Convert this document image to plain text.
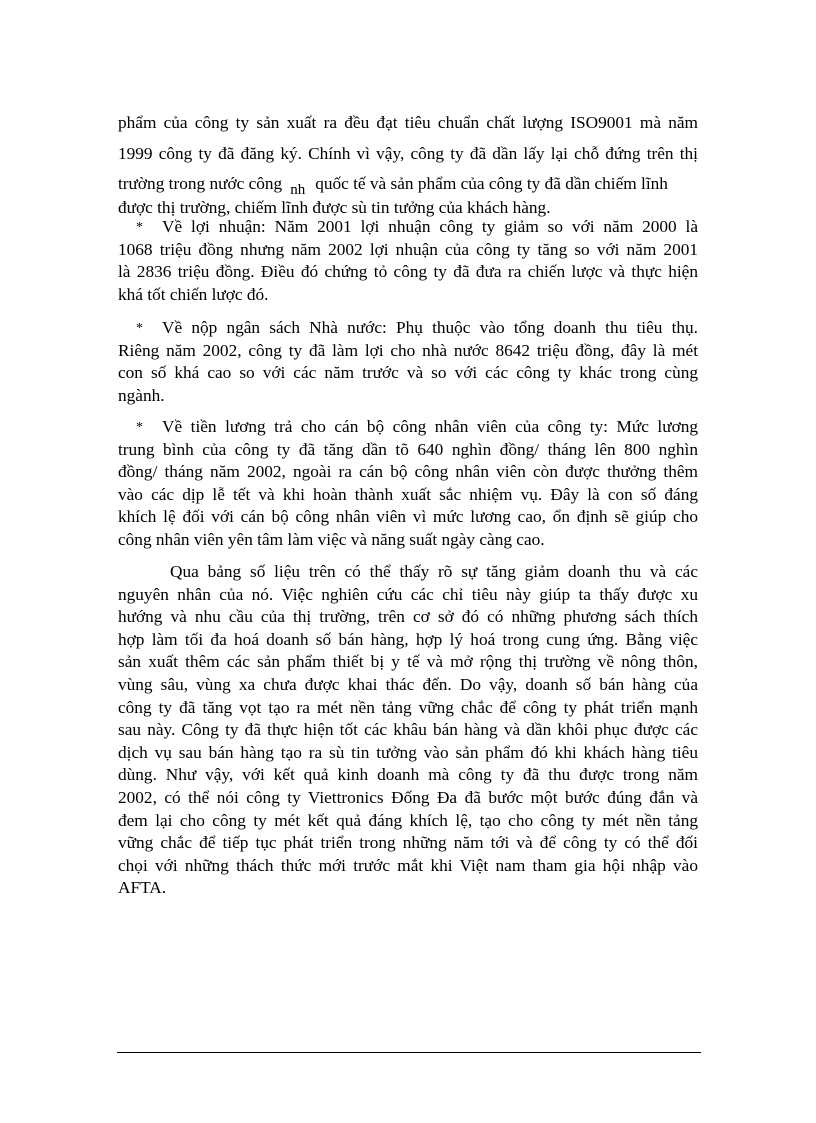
phẩm của công ty sản xuất ra đều đạt tiêu chuẩn chất lượng ISO9001 mà năm
1999 công ty đã đăng ký. Chính vì vậy, công ty đã dần lấy lại chỗ đứng trên thị
trường trong nước công nh quốc tế và sản phẩm của công ty đã dần chiếm lĩnh
được thị trường, chiếm lĩnh được sù tin tưởng của khách hàng.
* Về lợi nhuận: Năm 2001 lợi nhuận công ty giảm so với năm 2000 là
1068 triệu đồng nhưng năm 2002 lợi nhuận của công ty tăng so với năm 2001
là 2836 triệu đồng. Điều đó chứng tỏ công ty đã đưa ra chiến lược và thực hiện
khá tốt chiến lược đó.
* Về nộp ngân sách Nhà nước: Phụ thuộc vào tổng doanh thu tiêu thụ.
Riêng năm 2002, công ty đã làm lợi cho nhà nước 8642 triệu đồng, đây là mét
con số khá cao so với các năm trước và so với các công ty khác trong cùng
ngành.
* Về tiền lương trả cho cán bộ công nhân viên của công ty: Mức lương
trung bình của công ty đã tăng dần tõ 640 nghìn đồng/ tháng lên 800 nghìn
đồng/ tháng năm 2002, ngoài ra cán bộ công nhân viên còn được thưởng thêm
vào các dịp lễ tết và khi hoàn thành xuất sắc nhiệm vụ. Đây là con số đáng
khích lệ đối với cán bộ công nhân viên vì mức lương cao, ổn định sẽ giúp cho
công nhân viên yên tâm làm việc và năng suất ngày càng cao.
Qua bảng số liệu trên có thể thấy rõ sự tăng giảm doanh thu và các
nguyên nhân của nó. Việc nghiên cứu các chỉ tiêu này giúp ta thấy được xu
hướng và nhu cầu của thị trường, trên cơ sở đó có những phương sách thích
hợp làm tối đa hoá doanh số bán hàng, hợp lý hoá trong cung ứng. Bằng việc
sản xuất thêm các sản phẩm thiết bị y tế và mở rộng thị trường về nông thôn,
vùng sâu, vùng xa chưa được khai thác đến. Do vậy, doanh số bán hàng của
công ty đã tăng vọt tạo ra mét nền tảng vững chắc để công ty phát triển mạnh
sau này. Công ty đã thực hiện tốt các khâu bán hàng và dần khôi phục được các
dịch vụ sau bán hàng tạo ra sù tin tưởng vào sản phẩm đó khi khách hàng tiêu
dùng. Như vậy, với kết quả kinh doanh mà công ty đã thu được trong năm
2002, có thể nói công ty Viettronics Đống Đa đã bước một bước đúng đắn và
đem lại cho công ty mét kết quả đáng khích lệ, tạo cho công ty mét nền tảng
vững chắc để tiếp tục phát triển trong những năm tới và để công ty có thể đối
chọi với những thách thức mới trước mắt khi Việt nam tham gia hội nhập vào
AFTA.
